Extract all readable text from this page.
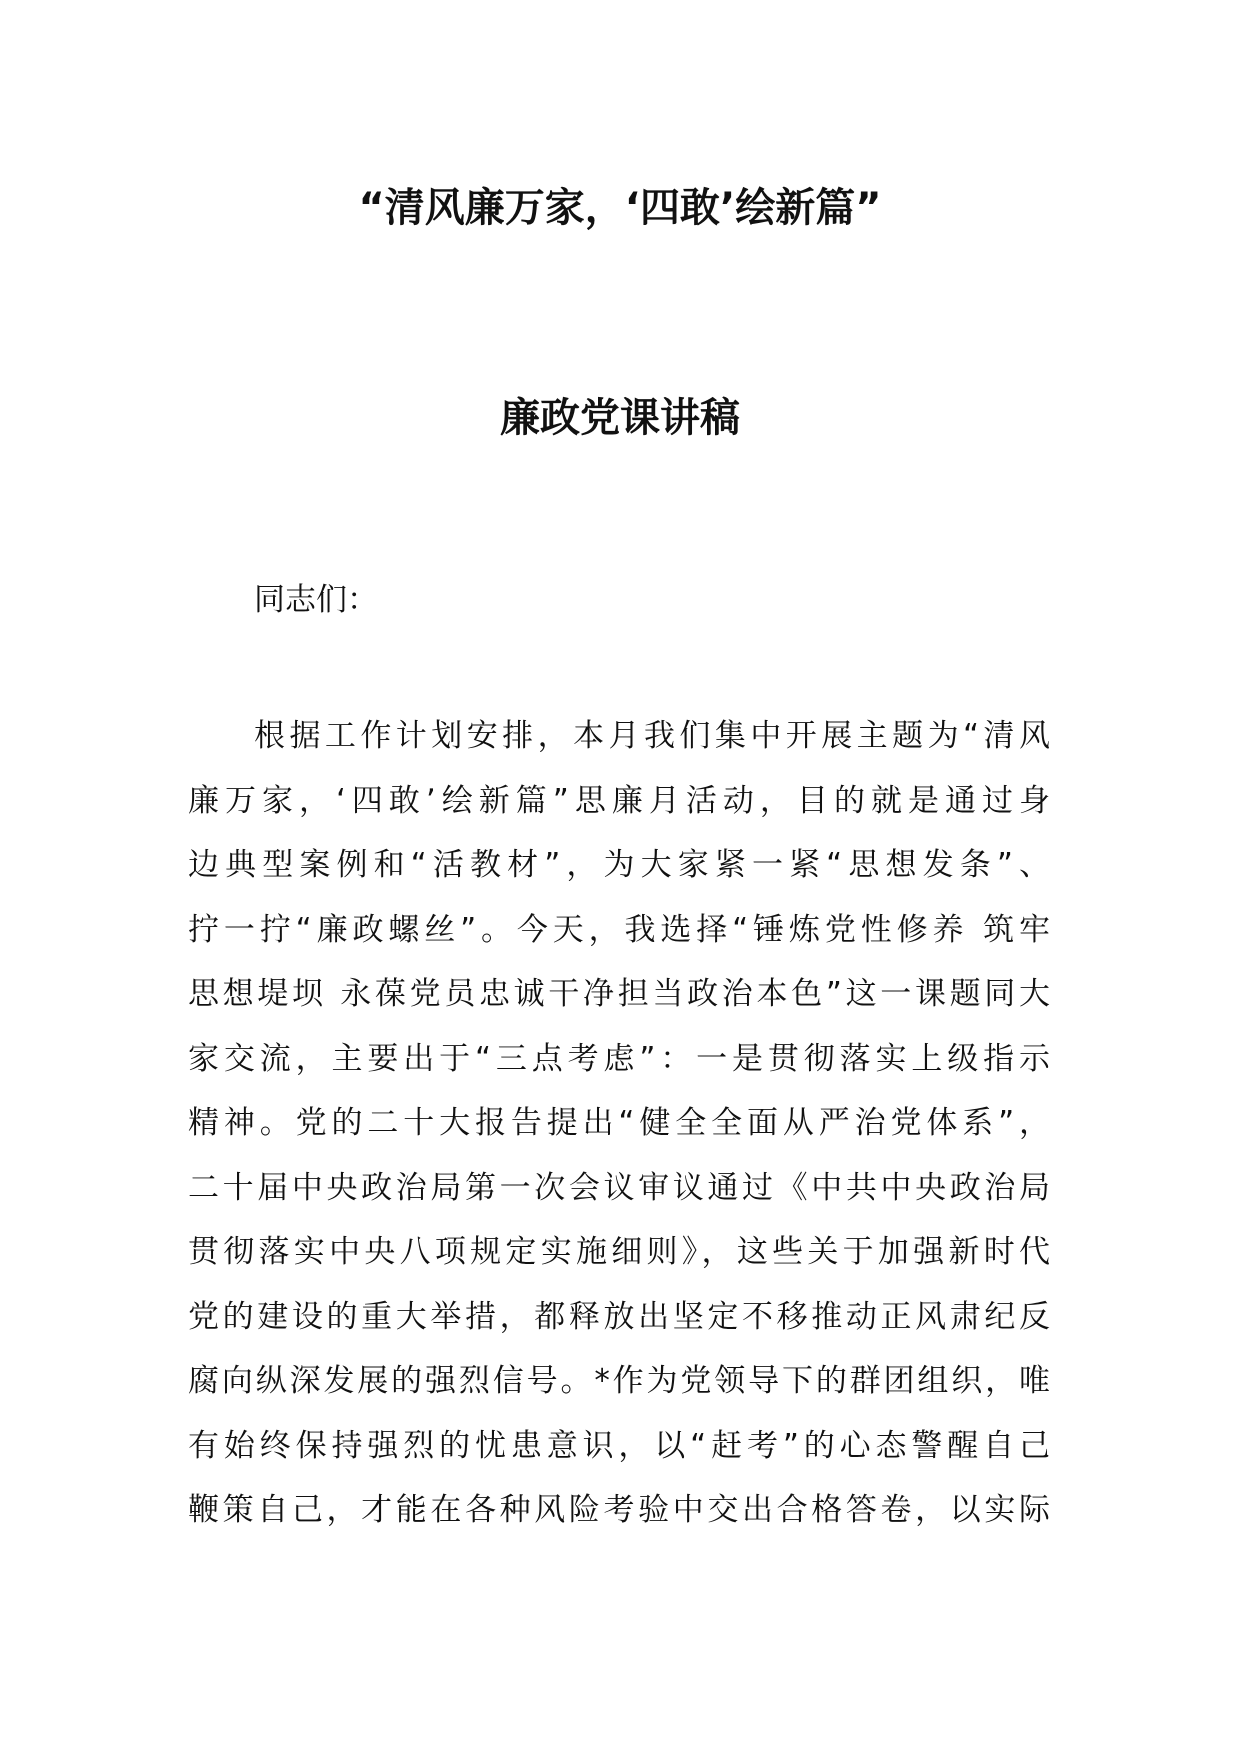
“清风廉万家，‘四敢’绘新篇”
廉政党课讲稿

同志们：

根据工作计划安排，本月我们集中开展主题为“清风
廉万家，‘四敢’绘新篇”思廉月活动，目的就是通过身
边典型案例和“活教材”，为大家紧一紧“思想发条”、
拧一拧“廉政螺丝”。今天，我选择“锤炼党性修养 筑牢
思想堤坝 永葆党员忠诚干净担当政治本色”这一课题同大
家交流，主要出于“三点考虑”：一是贯彻落实上级指示
精神。党的二十大报告提出“健全全面从严治党体系”，
二十届中央政治局第一次会议审议通过《中共中央政治局
贯彻落实中央八项规定实施细则》，这些关于加强新时代
党的建设的重大举措，都释放出坚定不移推动正风肃纪反
腐向纵深发展的强烈信号。*作为党领导下的群团组织，唯
有始终保持强烈的忧患意识，以“赶考”的心态警醒自己
鞭策自己，才能在各种风险考验中交出合格答卷，以实际
